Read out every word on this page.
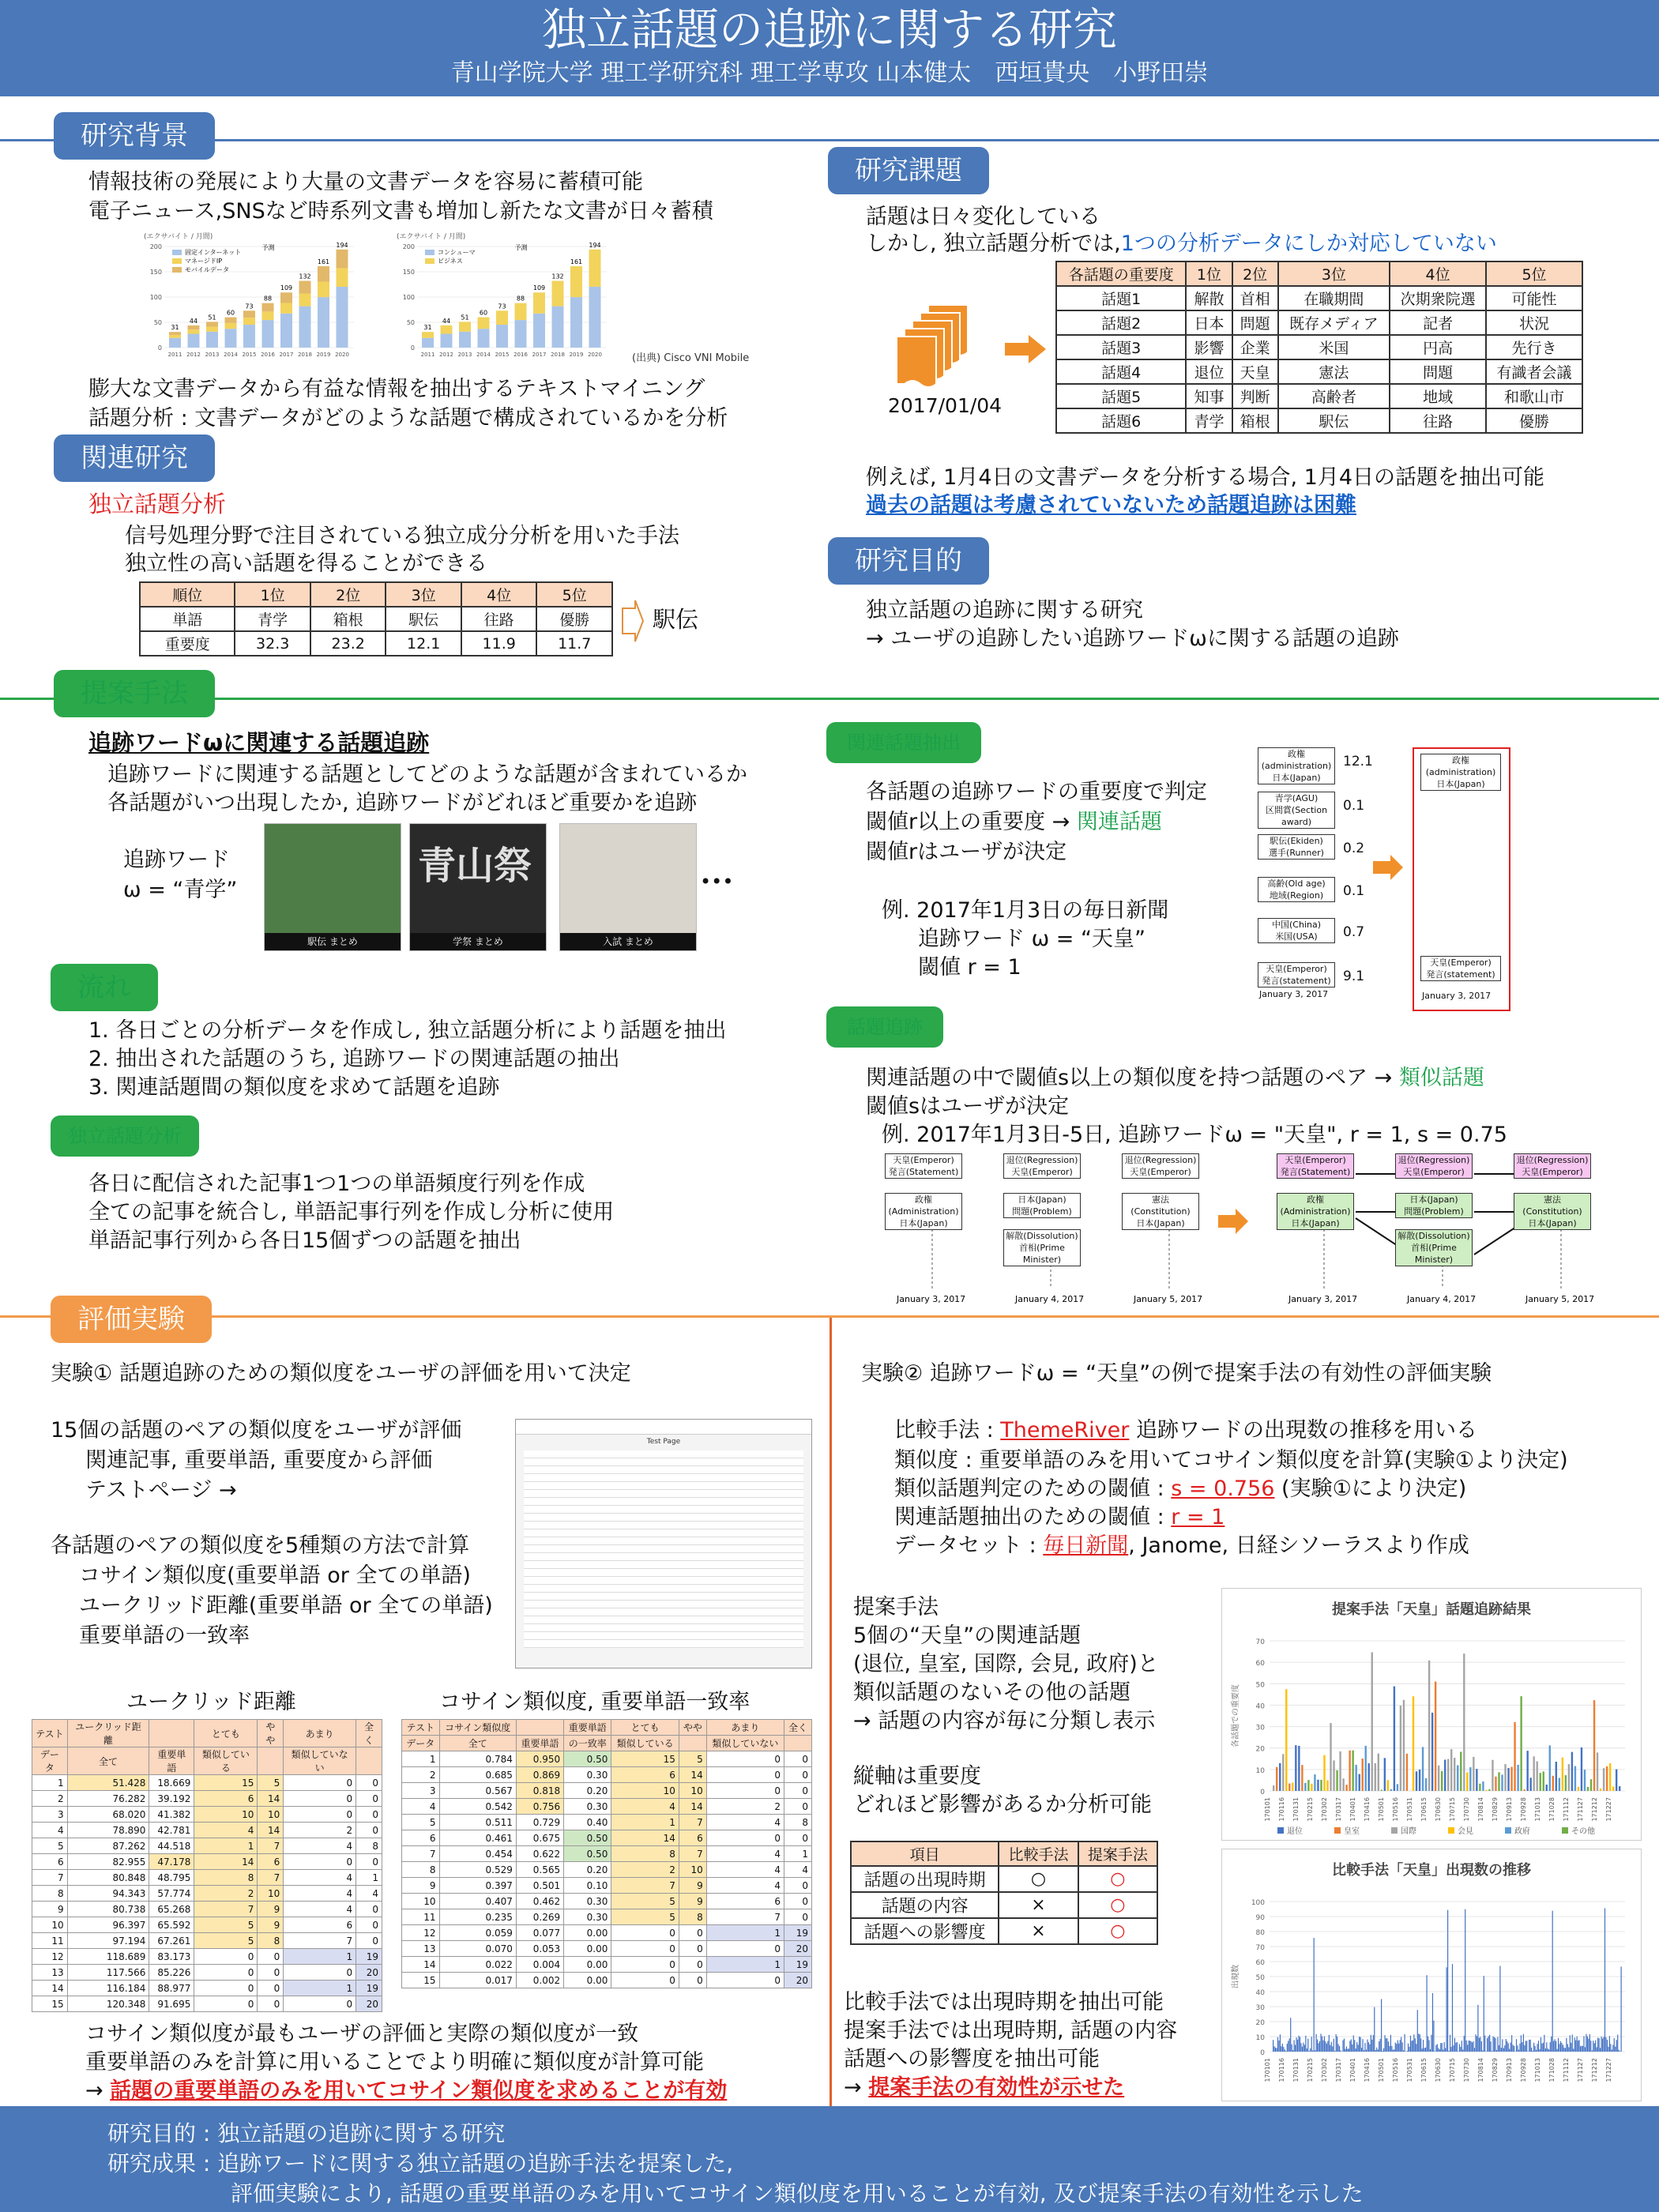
独立話題の追跡に関する研究
青山学院大学 理工学研究科 理工学専攻 山本健太　西垣貴央　小野田崇
研究背景
情報技術の発展により大量の文書データを容易に蓄積可能
電子ニュース,SNSなど時系列文書も増加し新たな文書が日々蓄積
(エクサバイト / 月間)
0
50
100
150
200
31
2011
44
2012
51
2013
60
2014
73
2015
88
2016
109
2017
132
2018
161
2019
194
2020
予測
固定インターネット
マネージドIP
モバイルデータ
(エクサバイト / 月間)
0
50
100
150
200
31
2011
44
2012
51
2013
60
2014
73
2015
88
2016
109
2017
132
2018
161
2019
194
2020
予測
コンシューマ
ビジネス
(出典) Cisco VNI Mobile
膨大な文書データから有益な情報を抽出するテキストマイニング
話題分析 : 文書データがどのような話題で構成されているかを分析
関連研究
独立話題分析
信号処理分野で注目されている独立成分分析を用いた手法
独立性の高い話題を得ることができる
順位	1位	2位	3位	4位	5位
単語	青学	箱根	駅伝	往路	優勝
重要度	32.3	23.2	12.1	11.9	11.7
駅伝
研究課題
話題は日々変化している
しかし, 独立話題分析では,1つの分析データにしか対応していない
2017/01/04
各話題の重要度	1位	2位	3位	4位	5位
話題1	解散	首相	在職期間	次期衆院選	可能性
話題2	日本	問題	既存メディア	記者	状況
話題3	影響	企業	米国	円高	先行き
話題4	退位	天皇	憲法	問題	有識者会議
話題5	知事	判断	高齢者	地域	和歌山市
話題6	青学	箱根	駅伝	往路	優勝
例えば, 1月4日の文書データを分析する場合, 1月4日の話題を抽出可能
過去の話題は考慮されていないため話題追跡は困難
研究目的
独立話題の追跡に関する研究
→ ユーザの追跡したい追跡ワードωに関する話題の追跡
提案手法
追跡ワードωに関連する話題追跡
追跡ワードに関連する話題としてどのような話題が含まれているか
各話題がいつ出現したか, 追跡ワードがどれほど重要かを追跡
追跡ワード
ω = “青学”
駅伝 まとめ
青山祭
学祭 まとめ	入試 まとめ
•••
流れ
1. 各日ごとの分析データを作成し, 独立話題分析により話題を抽出
2. 抽出された話題のうち, 追跡ワードの関連話題の抽出
3. 関連話題間の類似度を求めて話題を追跡
独立話題分析
各日に配信された記事1つ1つの単語頻度行列を作成
全ての記事を統合し, 単語記事行列を作成し分析に使用
単語記事行列から各日15個ずつの話題を抽出
関連話題抽出
各話題の追跡ワードの重要度で判定
閾値r以上の重要度 → 関連話題
閾値rはユーザが決定
例. 2017年1月3日の毎日新聞
追跡ワード ω = “天皇”
閾値 r = 1
政権(administration)
日本(Japan)
12.1
青学(AGU)
区間賞(Section award)
0.1
駅伝(Ekiden)
選手(Runner)	0.2
高齢(Old age)
地域(Region)	0.1
中国(China)
米国(USA)	0.7
天皇(Emperor)
発言(statement) 9.1
January 3, 2017
政権(administration)
日本(Japan)
天皇(Emperor)
発言(statement)
January 3, 2017
話題追跡
関連話題の中で閾値s以上の類似度を持つ話題のペア → 類似話題
閾値sはユーザが決定
例. 2017年1月3日-5日, 追跡ワードω = "天皇", r = 1, s = 0.75
January 3, 2017	January 4, 2017	January 5, 2017	January 3, 2017	January 4, 2017	January 5, 2017
天皇(Emperor)
発言(Statement)
政権(Administration)
日本(Japan)
退位(Regression)
天皇(Emperor)
日本(Japan)
問題(Problem)
解散(Dissolution)
首相(Prime Minister)
退位(Regression)
天皇(Emperor)
憲法(Constitution)
日本(Japan)
天皇(Emperor)
発言(Statement)
政権(Administration)
日本(Japan)
退位(Regression)
天皇(Emperor)
日本(Japan)
問題(Problem)
解散(Dissolution)
首相(Prime Minister)
退位(Regression)
天皇(Emperor)
憲法(Constitution)
日本(Japan)
評価実験
実験① 話題追跡のための類似度をユーザの評価を用いて決定
15個の話題のペアの類似度をユーザが評価
関連記事, 重要単語, 重要度から評価
テストページ →
各話題のペアの類似度を5種類の方法で計算
コサイン類似度(重要単語 or 全ての単語)
ユークリッド距離(重要単語 or 全ての単語)
重要単語の一致率
Test Page
ユークリッド距離	コサイン類似度, 重要単語一致率
テスト	ユークリッド距離		とても	やや	あまり	全く
データ	全て	重要単語	類似している		類似していない	
1	51.428	18.669	15	5	0	0
2	76.282	39.192	6	14	0	0
3	68.020	41.382	10	10	0	0
4	78.890	42.781	4	14	2	0
5	87.262	44.518	1	7	4	8
6	82.955	47.178	14	6	0	0
7	80.848	48.795	8	7	4	1
8	94.343	57.774	2	10	4	4
9	80.738	65.268	7	9	4	0
10	96.397	65.592	5	9	6	0
11	97.194	67.261	5	8	7	0
12	118.689	83.173	0	0	1	19
13	117.566	85.226	0	0	0	20
14	116.184	88.977	0	0	1	19
15	120.348	91.695	0	0	0	20
テスト	コサイン類似度		重要単語	とても	やや	あまり	全く
データ	全て	重要単語	の一致率	類似している		類似していない	
1	0.784	0.950	0.50	15	5	0	0
2	0.685	0.869	0.30	6	14	0	0
3	0.567	0.818	0.20	10	10	0	0
4	0.542	0.756	0.30	4	14	2	0
5	0.511	0.729	0.40	1	7	4	8
6	0.461	0.675	0.50	14	6	0	0
7	0.454	0.622	0.50	8	7	4	1
8	0.529	0.565	0.20	2	10	4	4
9	0.397	0.501	0.10	7	9	4	0
10	0.407	0.462	0.30	5	9	6	0
11	0.235	0.269	0.30	5	8	7	0
12	0.059	0.077	0.00	0	0	1	19
13	0.070	0.053	0.00	0	0	0	20
14	0.022	0.004	0.00	0	0	1	19
15	0.017	0.002	0.00	0	0	0	20
コサイン類似度が最もユーザの評価と実際の類似度が一致
重要単語のみを計算に用いることでより明確に類似度が計算可能
→ 話題の重要単語のみを用いてコサイン類似度を求めることが有効
実験② 追跡ワードω = “天皇”の例で提案手法の有効性の評価実験
比較手法 : ThemeRiver 追跡ワードの出現数の推移を用いる
類似度 : 重要単語のみを用いてコサイン類似度を計算(実験①より決定)
類似話題判定のための閾値 : s = 0.756 (実験①により決定)
関連話題抽出のための閾値 : r = 1
データセット : 毎日新聞, Janome, 日経シソーラスより作成
提案手法
5個の“天皇”の関連話題
(退位, 皇室, 国際, 会見, 政府)と
類似話題のないその他の話題
→ 話題の内容が毎に分類し表示
縦軸は重要度
どれほど影響があるか分析可能
項目	比較手法	提案手法
話題の出現時期	○	○
話題の内容	×	○
話題への影響度	×	○
比較手法では出現時期を抽出可能
提案手法では出現時期, 話題の内容
話題への影響度を抽出可能
→ 提案手法の有効性が示せた
提案手法「天皇」話題追跡結果
0
10
20
30
40
50
60
70
各話題での重要度
170101 170116 170131 170215 170302 170317 170401 170416 170501 170516 170531 170615 170630 170715 170730 170814 170829 170913 170928 171013 171028 171112 171127 171212 171227
退位	皇室	国際	会見	政府	その他
比較手法「天皇」出現数の推移
0
10
20
30
40
50
60
70
80
90
100
出現数
170101 170116 170131 170215 170302 170317 170401 170416 170501 170516 170531 170615 170630 170715 170730 170814 170829 170913 170928 171013 171028 171112 171127 171212 171227
研究目的 : 独立話題の追跡に関する研究
研究成果 : 追跡ワードに関する独立話題の追跡手法を提案した,
評価実験により, 話題の重要単語のみを用いてコサイン類似度を用いることが有効, 及び提案手法の有効性を示した
